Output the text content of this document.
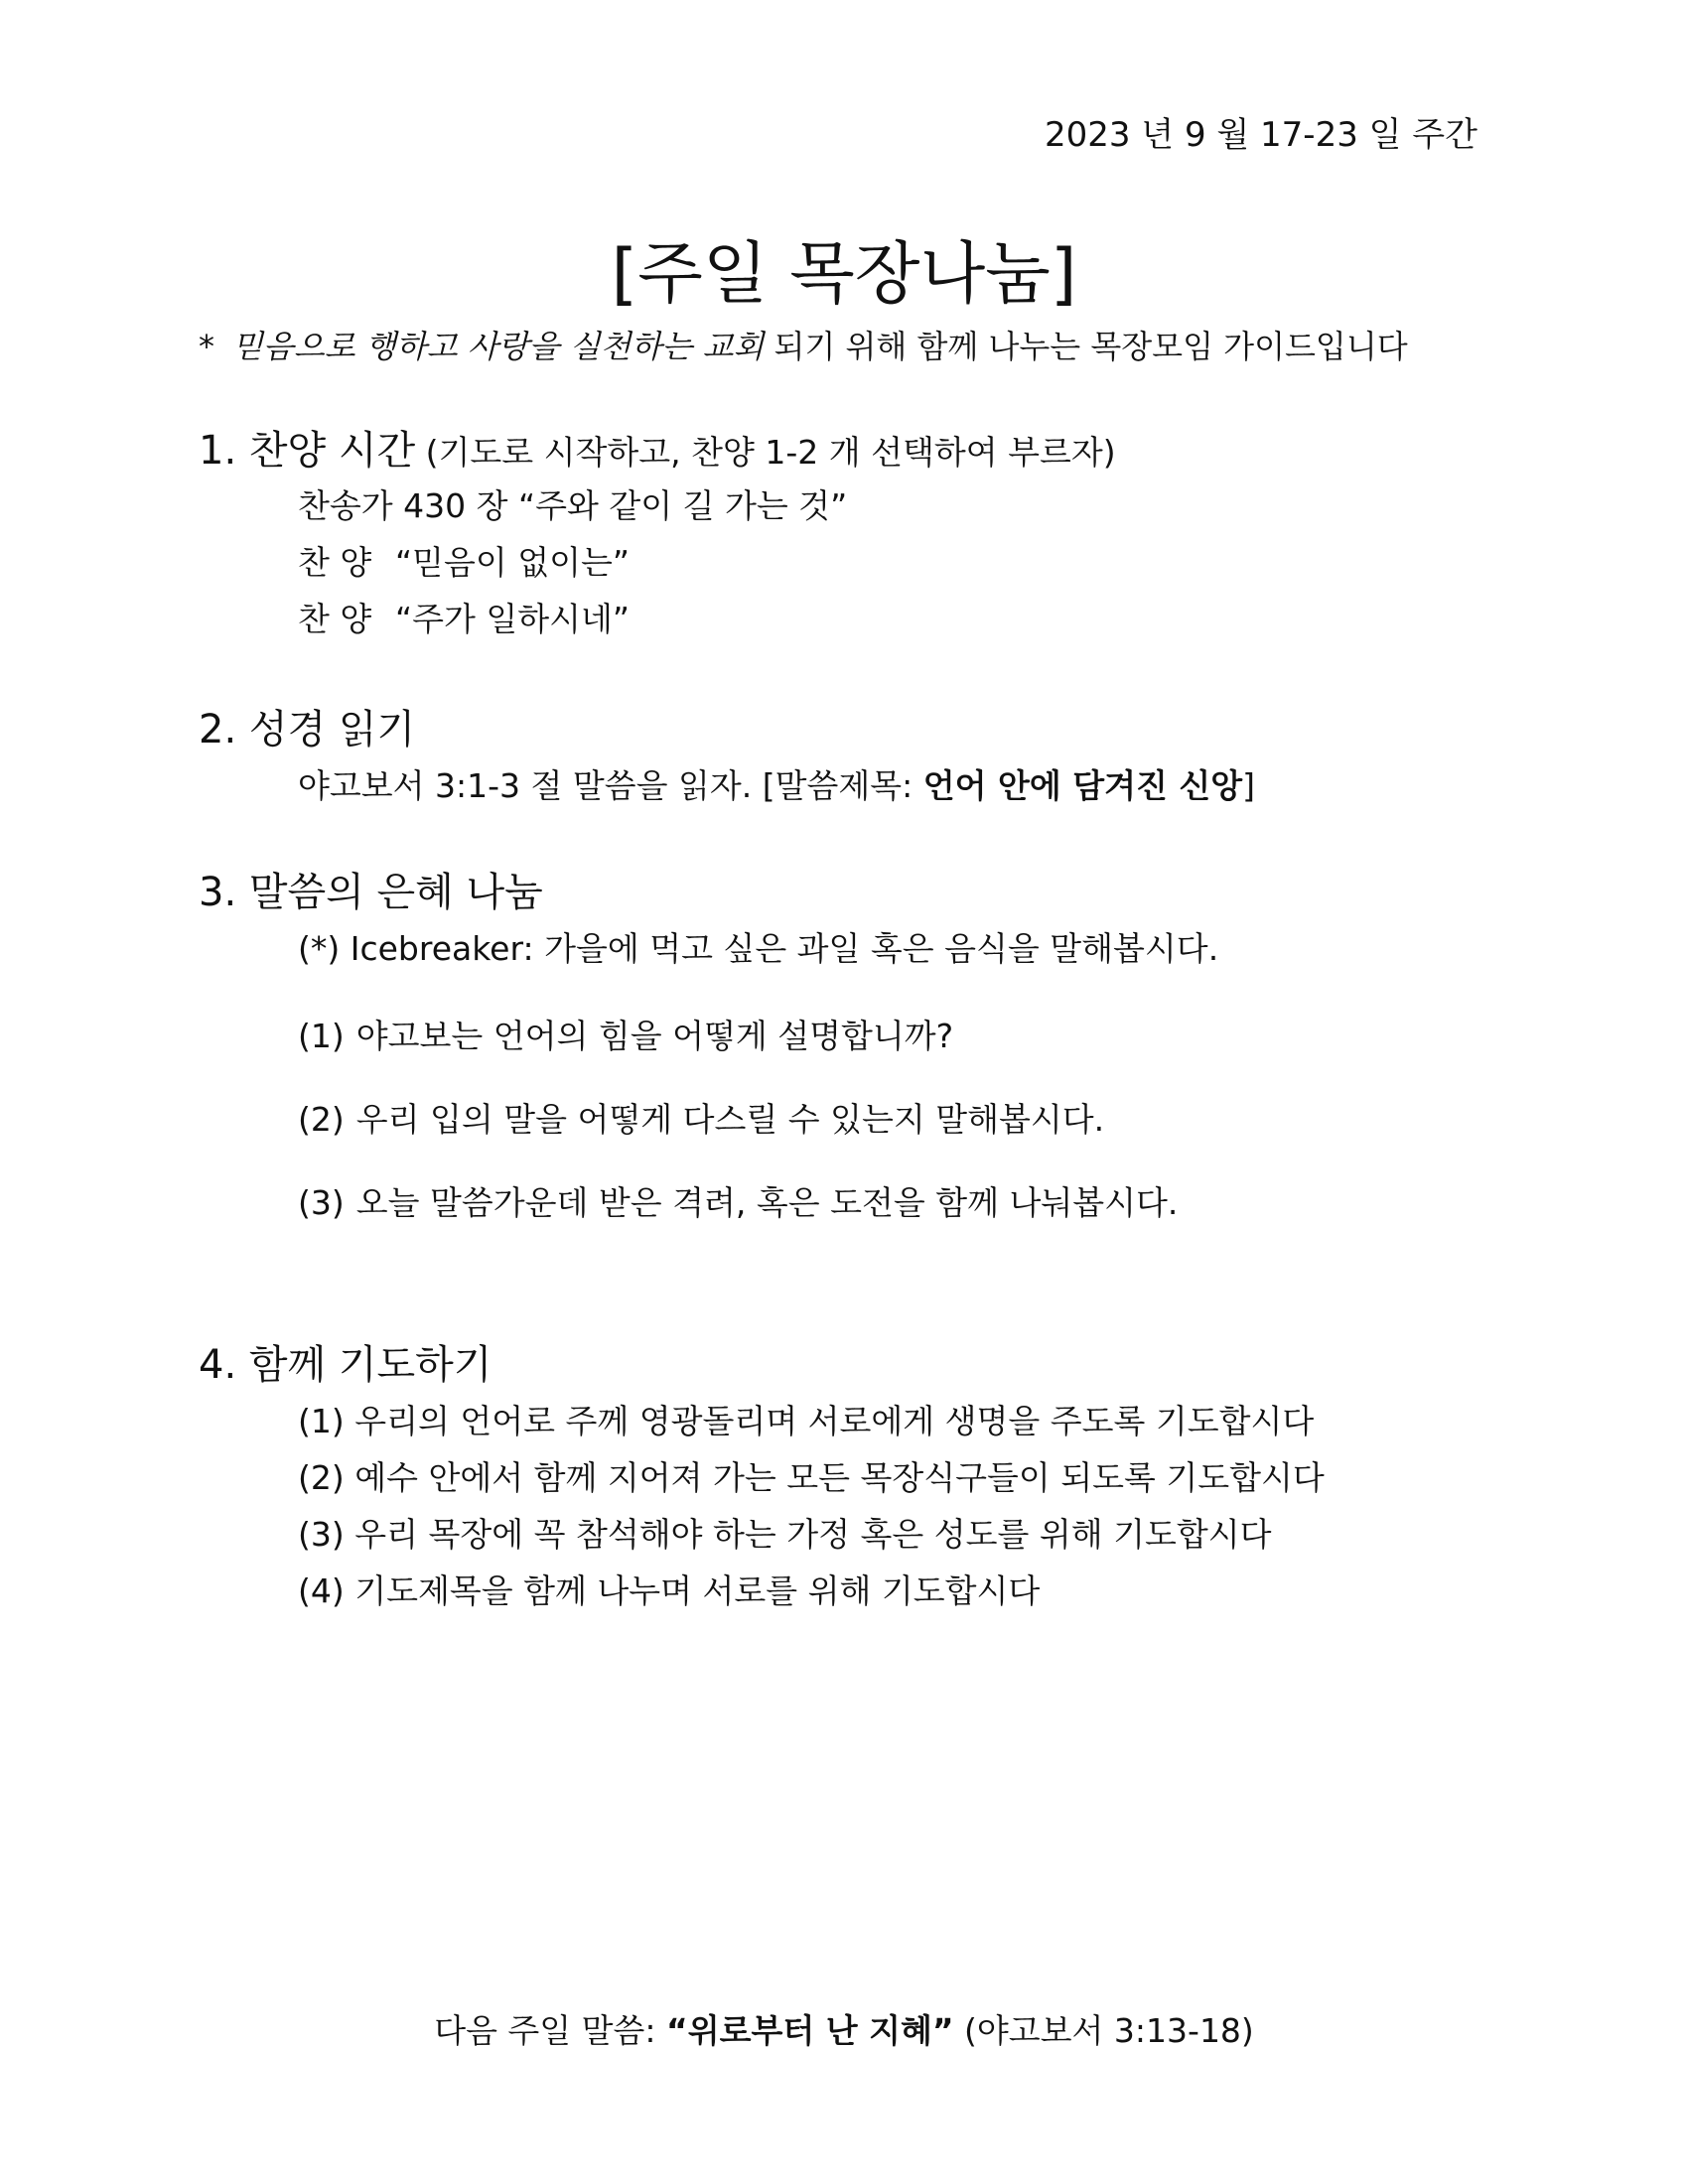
2023 년 9 월 17-23 일 주간
[주일 목장나눔]
* 믿음으로 행하고 사랑을 실천하는 교회 되기 위해 함께 나누는 목장모임 가이드입니다
1. 찬양 시간 (기도로 시작하고, 찬양 1-2 개 선택하여 부르자)
찬송가 430 장 “주와 같이 길 가는 것”
찬 양 “믿음이 없이는”
찬 양 “주가 일하시네”
2. 성경 읽기
야고보서 3:1-3 절 말씀을 읽자. [말씀제목: 언어 안에 담겨진 신앙]
3. 말씀의 은혜 나눔
(*) Icebreaker: 가을에 먹고 싶은 과일 혹은 음식을 말해봅시다.
(1) 야고보는 언어의 힘을 어떻게 설명합니까?
(2) 우리 입의 말을 어떻게 다스릴 수 있는지 말해봅시다.
(3) 오늘 말씀가운데 받은 격려, 혹은 도전을 함께 나눠봅시다.
4. 함께 기도하기
(1) 우리의 언어로 주께 영광돌리며 서로에게 생명을 주도록 기도합시다
(2) 예수 안에서 함께 지어져 가는 모든 목장식구들이 되도록 기도합시다
(3) 우리 목장에 꼭 참석해야 하는 가정 혹은 성도를 위해 기도합시다
(4) 기도제목을 함께 나누며 서로를 위해 기도합시다
다음 주일 말씀: “위로부터 난 지혜” (야고보서 3:13-18)
